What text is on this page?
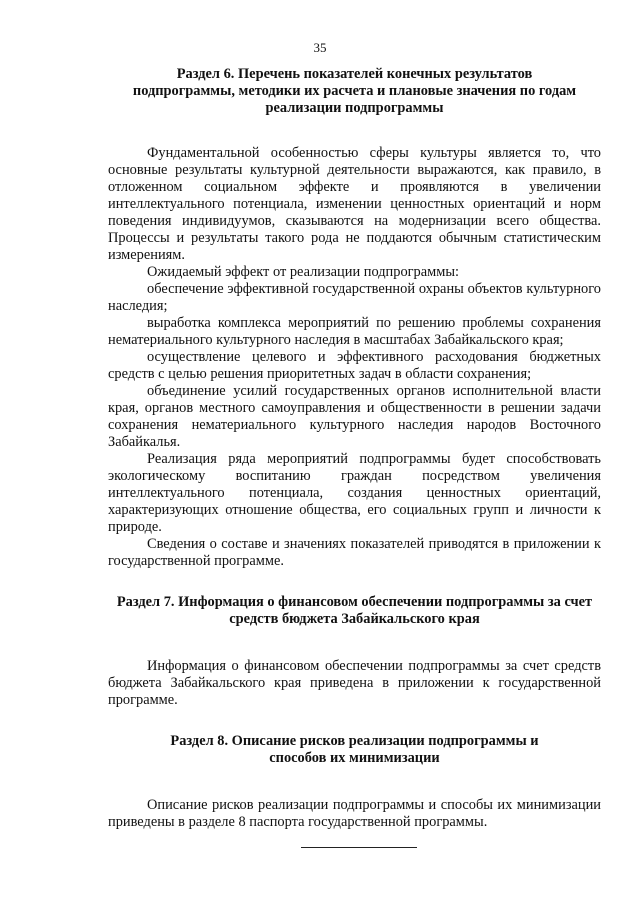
35
Раздел 6. Перечень показателей конечных результатов
подпрограммы, методики их расчета и плановые значения по годам
реализации подпрограммы

Фундаментальной особенностью сферы культуры является то, что основные результаты культурной деятельности выражаются, как правило, в отложенном социальном эффекте и проявляются в увеличении интеллектуального потенциала, изменении ценностных ориентаций и норм поведения индивидуумов, сказываются на модернизации всего общества. Процессы и результаты такого рода не поддаются обычным статистическим измерениям.

Ожидаемый эффект от реализации подпрограммы:

обеспечение эффективной государственной охраны объектов культурного наследия;

выработка комплекса мероприятий по решению проблемы сохранения нематериального культурного наследия в масштабах Забайкальского края;

осуществление целевого и эффективного расходования бюджетных средств с целью решения приоритетных задач в области сохранения;

объединение усилий государственных органов исполнительной власти края, органов местного самоуправления и общественности в решении задачи сохранения нематериального культурного наследия народов Восточного Забайкалья.

Реализация ряда мероприятий подпрограммы будет способствовать экологическому воспитанию граждан посредством увеличения интеллектуального потенциала, создания ценностных ориентаций, характеризующих отношение общества, его социальных групп и личности к природе.

Сведения о составе и значениях показателей приводятся в приложении к государственной программе.

Раздел 7. Информация о финансовом обеспечении подпрограммы за счет
средств бюджета Забайкальского края

Информация о финансовом обеспечении подпрограммы за счет средств бюджета Забайкальского края приведена в приложении к государственной программе.

Раздел 8. Описание рисков реализации подпрограммы и
способов их минимизации

Описание рисков реализации подпрограммы и способы их минимизации приведены в разделе 8 паспорта государственной программы.
